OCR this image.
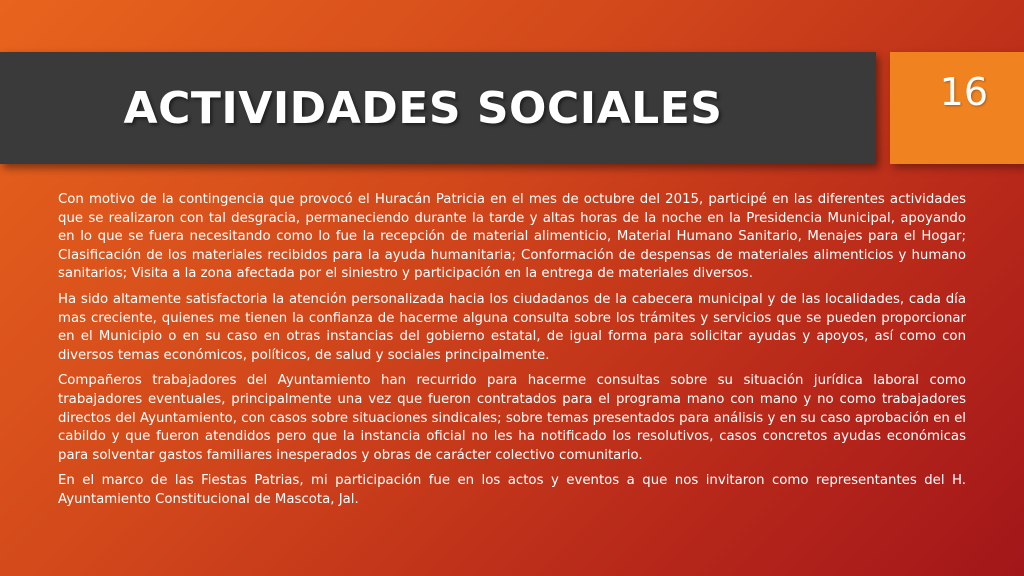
ACTIVIDADES SOCIALES	16

Con motivo de la contingencia que provocó el Huracán Patricia en el mes de octubre del 2015, participé en las diferentes actividades que se realizaron con tal desgracia, permaneciendo durante la tarde y altas horas de la noche en la Presidencia Municipal, apoyando en lo que se fuera necesitando como lo fue la recepción de material alimenticio, Material Humano Sanitario, Menajes para el Hogar; Clasificación de los materiales recibidos para la ayuda humanitaria; Conformación de despensas de materiales alimenticios y humano sanitarios; Visita a la zona afectada por el siniestro y participación en la entrega de materiales diversos.

Ha sido altamente satisfactoria la atención personalizada hacia los ciudadanos de la cabecera municipal y de las localidades, cada día mas creciente, quienes me tienen la confianza de hacerme alguna consulta sobre los trámites y servicios que se pueden proporcionar en el Municipio o en su caso en otras instancias del gobierno estatal, de igual forma para solicitar ayudas y apoyos, así como con diversos temas económicos, políticos, de salud y sociales principalmente.

Compañeros trabajadores del Ayuntamiento han recurrido para hacerme consultas sobre su situación jurídica laboral como trabajadores eventuales, principalmente una vez que fueron contratados para el programa mano con mano y no como trabajadores directos del Ayuntamiento, con casos sobre situaciones sindicales; sobre temas presentados para análisis y en su caso aprobación en el cabildo y que fueron atendidos pero que la instancia oficial no les ha notificado los resolutivos, casos concretos ayudas económicas para solventar gastos familiares inesperados y obras de carácter colectivo comunitario.

En el marco de las Fiestas Patrias, mi participación fue en los actos y eventos a que nos invitaron como representantes del H. Ayuntamiento Constitucional de Mascota, Jal.
